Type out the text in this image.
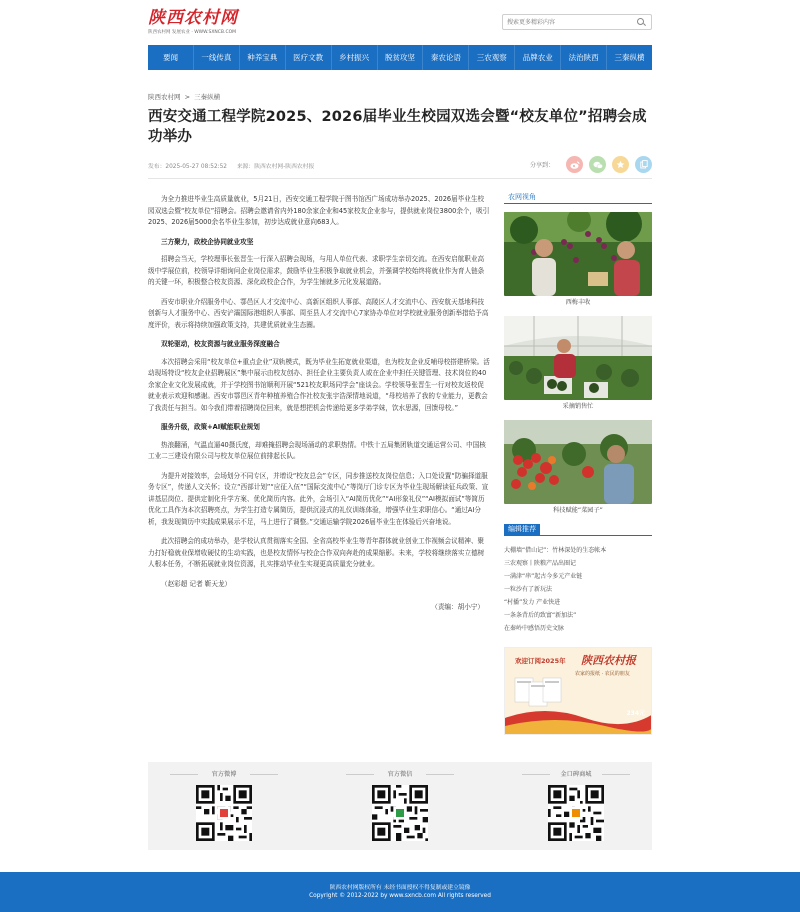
陕西农村网
陕西农村网 发展农业 · WWW.SXNCB.COM
搜索更多精彩内容
要闻	一线传真	种养宝典	医疗文教	乡村振兴	脱贫攻坚	秦农论语	三农观察	品牌农业	法治陕西	三秦纵横
陕西农村网 > 三秦纵横
西安交通工程学院2025、2026届毕业生校园双选会暨“校友单位”招聘会成功举办
发布：2025-05-27 08:52:52 来源：陕西农村网-陕西农村报	分享到：

为全力推进毕业生高质量就业，5月21日，西安交通工程学院于图书馆西广场成功举办2025、2026届毕业生校园双选会暨“校友单位”招聘会。招聘会邀请省内外180余家企业和45家校友企业参与，提供就业岗位3800余个，吸引2025、2026届5000余名毕业生参加，初步达成就业意向683人。

三方聚力，政校企协同就业攻坚

招聘会当天，学校理事长张晋生一行深入招聘会现场，与用人单位代表、求职学生亲切交流。在西安启航职业高级中学展位前，校领导详细询问企业岗位需求，鼓励毕业生积极争取就业机会，并强调学校始终将就业作为育人链条的关键一环，积极整合校友资源、深化政校企合作，为学生铺就多元化发展道路。

西安市职业介绍服务中心、鄠邑区人才交流中心、高新区组织人事部、高陵区人才交流中心、西安航天基地科技创新与人才服务中心、西安浐灞国际港组织人事部、周至县人才交流中心7家协办单位对学校就业服务创新举措给予高度评价，表示将持续加强政策支持，共建优质就业生态圈。

双轮驱动，校友资源与就业服务深度融合

本次招聘会采用“校友单位+重点企业”双轨模式，既为毕业生拓宽就业渠道，也为校友企业反哺母校搭建桥梁。活动现场特设“校友企业招聘展区”集中展示由校友创办、担任企业主要负责人或在企业中担任关键管理、技术岗位的40余家企业文化发展成就，并于学校图书馆顺利开展“521校友职场同学会”座谈会。学校领导张晋生一行对校友返校促就业表示欢迎和感谢。西安市鄠邑区青年种植养殖合作社校友张宇浩深情地说道，“母校培养了我的专业能力，更教会了我责任与担当。如今我们带着招聘岗位回来，就是想把机会传递给更多学弟学妹，饮水思源，回馈母校。”

服务升级，政策+AI赋能职业规划

热浪翻涌，气温直逼40摄氏度，却难掩招聘会现场涌动的求职热情。中铁十五局集团轨道交通运营公司、中国核工业二三建设有限公司与校友单位展位前排起长队。

为提升对接效率，会场划分不同专区，并增设“校友总会”专区，同步推送校友岗位信息；入口处设置“防骗择道服务专区”，传递人文关怀；设立“西部计划”“应征入伍”“国际交流中心”等岗厅门诊专区为毕业生现场解读征兵政策、宣讲基层岗位、提供定制化升学方案、优化简历内容。此外，会场引入“AI简历优化”“AI形象礼仪”“AI模拟面试”等简历优化工具作为本次招聘亮点，为学生打造专属简历，提供沉浸式的礼仪训练体验，增强毕业生求职信心。“通过AI分析，我发现简历中实践成果展示不足，马上进行了调整。”交通运输学院2026届毕业生在体验后兴奋地说。

此次招聘会的成功举办，是学校认真贯彻落实全国、全省高校毕业生等青年群体就业创业工作视频会议精神、聚力打好稳就业保增收硬仗的生动实践，也是校友情怀与校企合作双向奔赴的成果缩影。未来，学校将继续落实立德树人根本任务，不断拓展就业岗位资源，扎实推动毕业生实现更高质量充分就业。

（赵彩超 记者 靳天龙）

（责编：胡小宁）

农网视角
西梅丰收
采摘销售忙
科技赋能“菜园子”
编辑推荐
大棚墙“借山记”：竹林深处的生态帐本
三农观察丨陕粮产品出圈记
一满津“串”起古今多元产业链
一粒沙有了新玩法
“村播”发力 产业快进
一条条背后的致富“新加法”
在秦岭中感悟历史文脉
欢迎订阅2025年 陕西农村报
农家的报纸 · 农民的朋友
234元
官方微博	官方微信	金口碑商城
陕西农村网版权所有 未经书面授权不得复制或建立镜像
Copyright © 2012-2022 by www.sxncb.com All rights reserved
